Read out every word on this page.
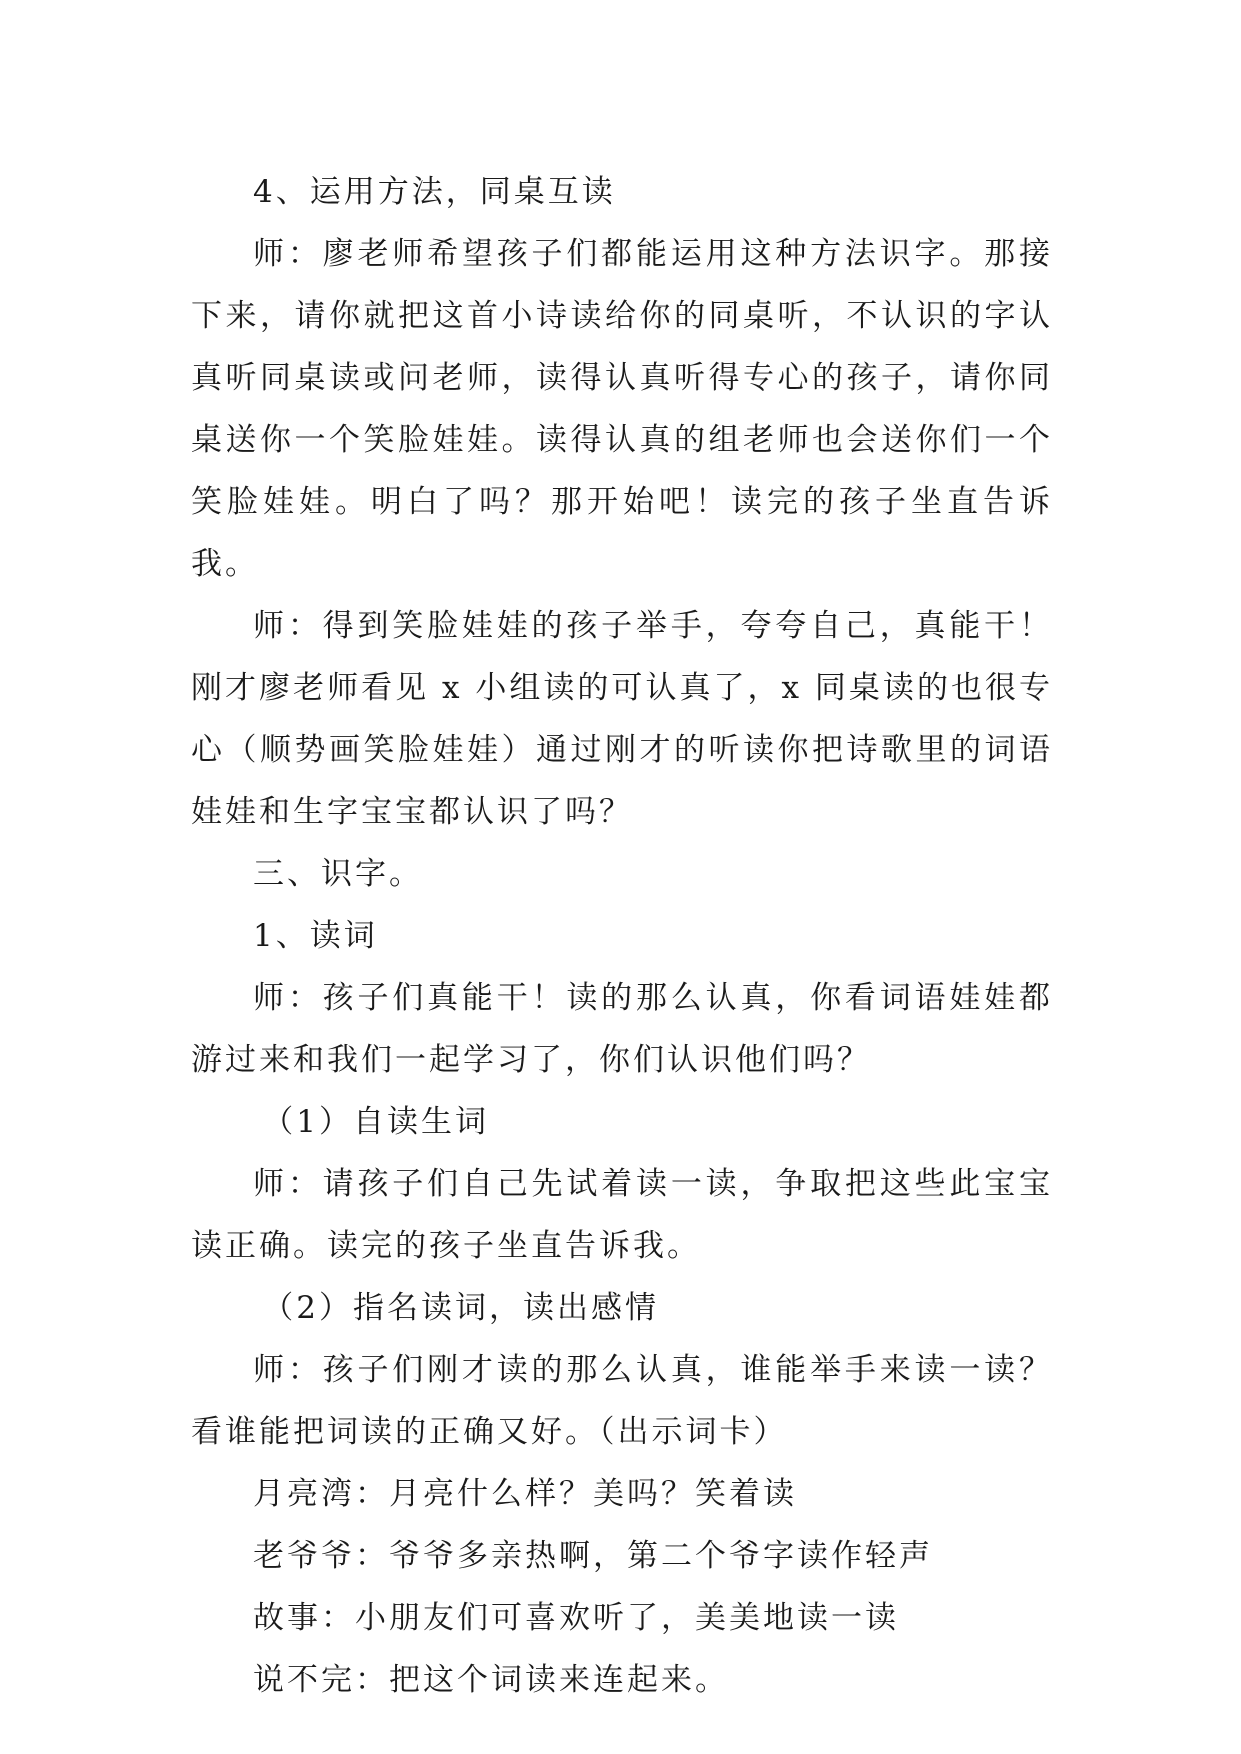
4、运用方法，同桌互读

师：廖老师希望孩子们都能运用这种方法识字。那接下来，请你就把这首小诗读给你的同桌听，不认识的字认真听同桌读或问老师，读得认真听得专心的孩子，请你同桌送你一个笑脸娃娃。读得认真的组老师也会送你们一个笑脸娃娃。明白了吗？那开始吧！读完的孩子坐直告诉我。

师：得到笑脸娃娃的孩子举手，夸夸自己，真能干！刚才廖老师看见 x 小组读的可认真了，x 同桌读的也很专心（顺势画笑脸娃娃）通过刚才的听读你把诗歌里的词语娃娃和生字宝宝都认识了吗？

三、识字。

1、读词

师：孩子们真能干！读的那么认真，你看词语娃娃都游过来和我们一起学习了，你们认识他们吗？

（1）自读生词

师：请孩子们自己先试着读一读，争取把这些此宝宝读正确。读完的孩子坐直告诉我。

（2）指名读词，读出感情

师：孩子们刚才读的那么认真，谁能举手来读一读？看谁能把词读的正确又好。（出示词卡）

月亮湾：月亮什么样？美吗？笑着读

老爷爷：爷爷多亲热啊，第二个爷字读作轻声

故事：小朋友们可喜欢听了，美美地读一读

说不完：把这个词读来连起来。
